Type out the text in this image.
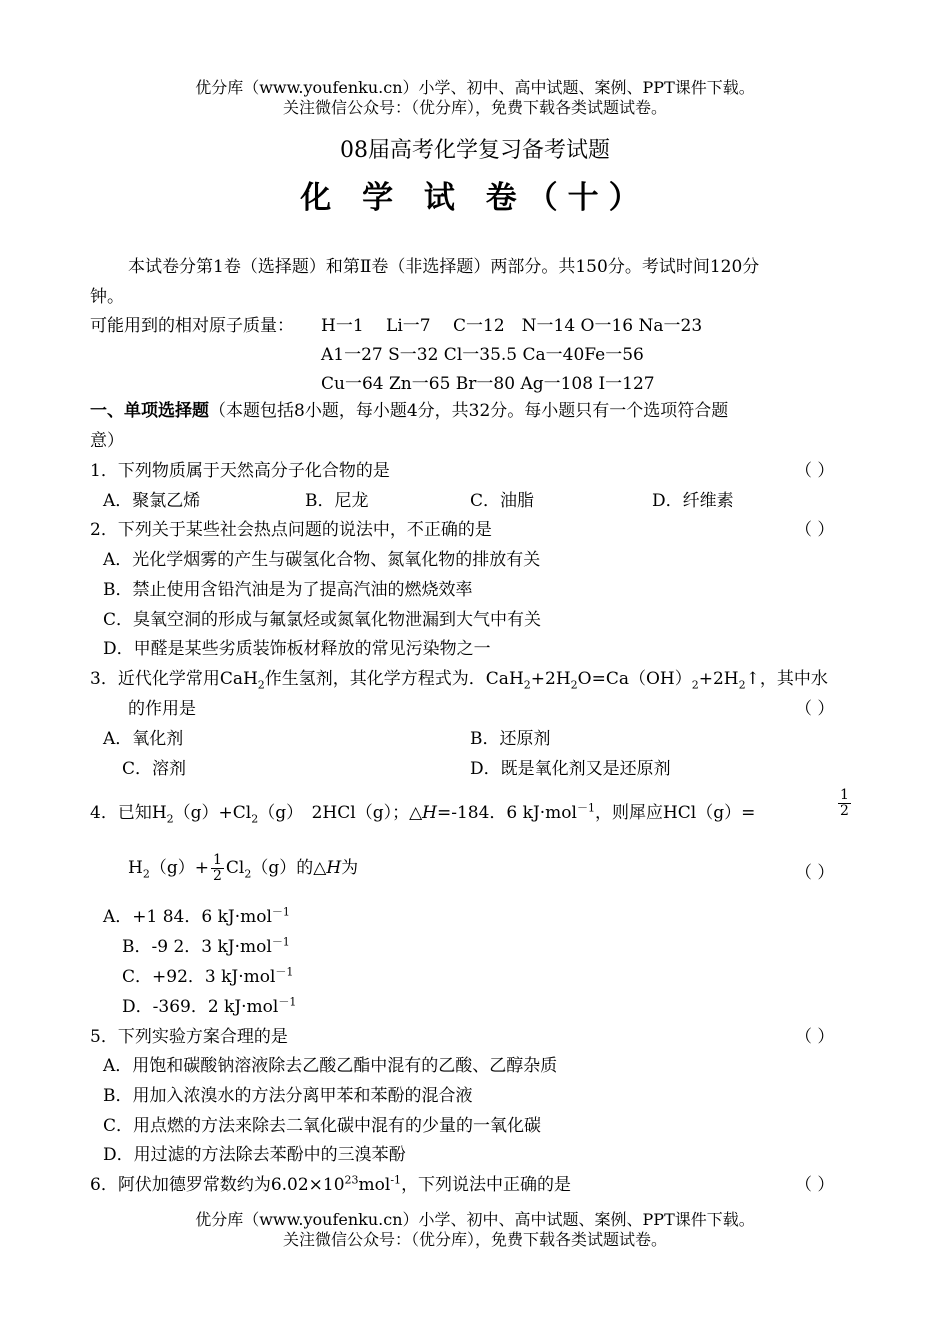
优分库（www.youfenku.cn）小学、初中、高中试题、案例、PPT课件下载。
关注微信公众号：（优分库），免费下载各类试题试卷。
08届高考化学复习备考试题
化 学 试 卷（十）
本试卷分第1卷（选择题）和第Ⅱ卷（非选择题）两部分。共150分。考试时间120分
钟。
可能用到的相对原子质量： H一1　 Li一7　 C一12　N一14 O一16 Na一23
A1一27 S一32 Cl一35.5 Ca一40Fe一56
Cu一64 Zn一65 Br一80 Ag一108 I一127
一、单项选择题（本题包括8小题，每小题4分，共32分。每小题只有一个选项符合题
意）
1．下列物质属于天然高分子化合物的是	（ ）
A．聚氯乙烯	B．尼龙	C．油脂	D．纤维素
2．下列关于某些社会热点问题的说法中，不正确的是	（ ）
A．光化学烟雾的产生与碳氢化合物、氮氧化物的排放有关
B．禁止使用含铅汽油是为了提高汽油的燃烧效率
C．臭氧空洞的形成与氟氯烃或氮氧化物泄漏到大气中有关
D．甲醛是某些劣质装饰板材释放的常见污染物之一
3．近代化学常用CaH$_2$作生氢剂，其化学方程式为．$CaH_2+2H_2O=Ca(OH)_2+2H_2↑$，其中水
的作用是	（ ）
A．氧化剂	B．还原剂
C．溶剂	D．既是氧化剂又是还原剂
4．已知$H_2(g)+Cl_2(g)$　2HCl（g）；△H=-184．6 kJ·mol$^{-1}$，则犀应HCl（g）=	$\frac{1}{2}$
$H_2(g)+ \frac{1}{2} Cl_2(g)$的△H为	（ ）
A．+1 84．6 kJ·mol$^{-1}$
B．-9 2．3 kJ·mol$^{-1}$
C．+92．3 kJ·mol$^{-1}$
D．-369．2 kJ·mol$^{-1}$
5．下列实验方案合理的是	（ ）
A．用饱和碳酸钠溶液除去乙酸乙酯中混有的乙酸、乙醇杂质
B．用加入浓溴水的方法分离甲苯和苯酚的混合液
C．用点燃的方法来除去二氧化碳中混有的少量的一氧化碳
D．用过滤的方法除去苯酚中的三溴苯酚
6．阿伏加德罗常数约为$6.02\times 10^{23}mol^{-1}$，下列说法中正确的是	（ ）
优分库（www.youfenku.cn）小学、初中、高中试题、案例、PPT课件下载。
关注微信公众号：（优分库），免费下载各类试题试卷。
